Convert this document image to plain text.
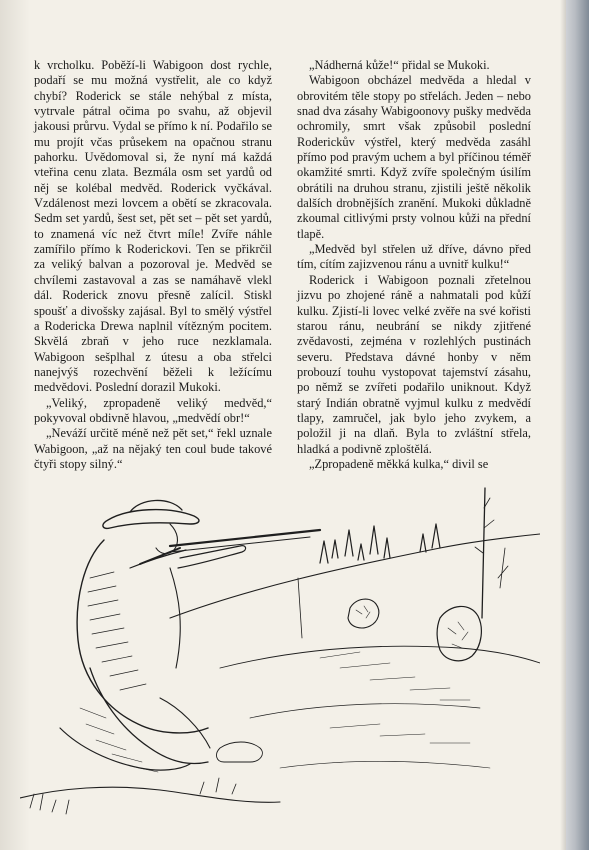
k vrcholku. Poběží-li Wabigoon dost rychle, podaří se mu možná vystřelit, ale co když chybí? Roderick se stále nehýbal z místa, vytrvale pátral očima po svahu, až objevil jakousi průrvu. Vydal se přímo k ní. Podařilo se mu projít včas průsekem na opačnou stranu pahorku. Uvědomoval si, že nyní má každá vteřina cenu zlata. Bezmála osm set yardů od něj se kolébal medvěd. Roderick vyčkával. Vzdálenost mezi lovcem a obětí se zkracovala. Sedm set yardů, šest set, pět set – pět set yardů, to znamená víc než čtvrt míle! Zvíře náhle zamířilo přímo k Roderickovi. Ten se přikrčil za veliký balvan a pozoroval je. Medvěd se chvílemi zastavoval a zas se namáhavě vlekl dál. Roderick znovu přesně zalícil. Stiskl spoušť a divošsky zajásal. Byl to smělý výstřel a Rodericka Drewa naplnil vítězným pocitem. Skvělá zbraň v jeho ruce nezklamala. Wabigoon sešplhal z útesu a oba střelci nanejvýš rozechvění běželi k ležícímu medvědovi. Poslední dorazil Mukoki.

„Veliký, zpropadeně veliký medvěd,“ pokyvoval obdivně hlavou, „medvědí obr!“

„Neváží určitě méně než pět set,“ řekl uznale Wabigoon, „až na nějaký ten coul bude takové čtyři stopy silný.“

„Nádherná kůže!“ přidal se Mukoki.

Wabigoon obcházel medvěda a hledal v obrovitém těle stopy po střelách. Jeden – nebo snad dva zásahy Wabigoonovy pušky medvěda ochromily, smrt však způsobil poslední Roderickův výstřel, který medvěda zasáhl přímo pod pravým uchem a byl příčinou téměř okamžité smrti. Když zvíře společným úsilím obrátili na druhou stranu, zjistili ještě několik dalších drobnějších zranění. Mukoki důkladně zkoumal citlivými prsty volnou kůži na přední tlapě.

„Medvěd byl střelen už dříve, dávno před tím, cítím zajizvenou ránu a uvnitř kulku!“

Roderick i Wabigoon poznali zřetelnou jizvu po zhojené ráně a nahmatali pod kůží kulku. Zjistí-li lovec velké zvěře na své kořisti starou ránu, neubrání se nikdy zjitřené zvědavosti, zejména v rozlehlých pustinách severu. Představa dávné honby v něm probouzí touhu vystopovat tajemství zásahu, po němž se zvířeti podařilo uniknout. Když starý Indián obratně vyjmul kulku z medvědí tlapy, zamručel, jak bylo jeho zvykem, a položil ji na dlaň. Byla to zvláštní střela, hladká a podivně zploštělá.

„Zpropadeně měkká kulka,“ divil se
